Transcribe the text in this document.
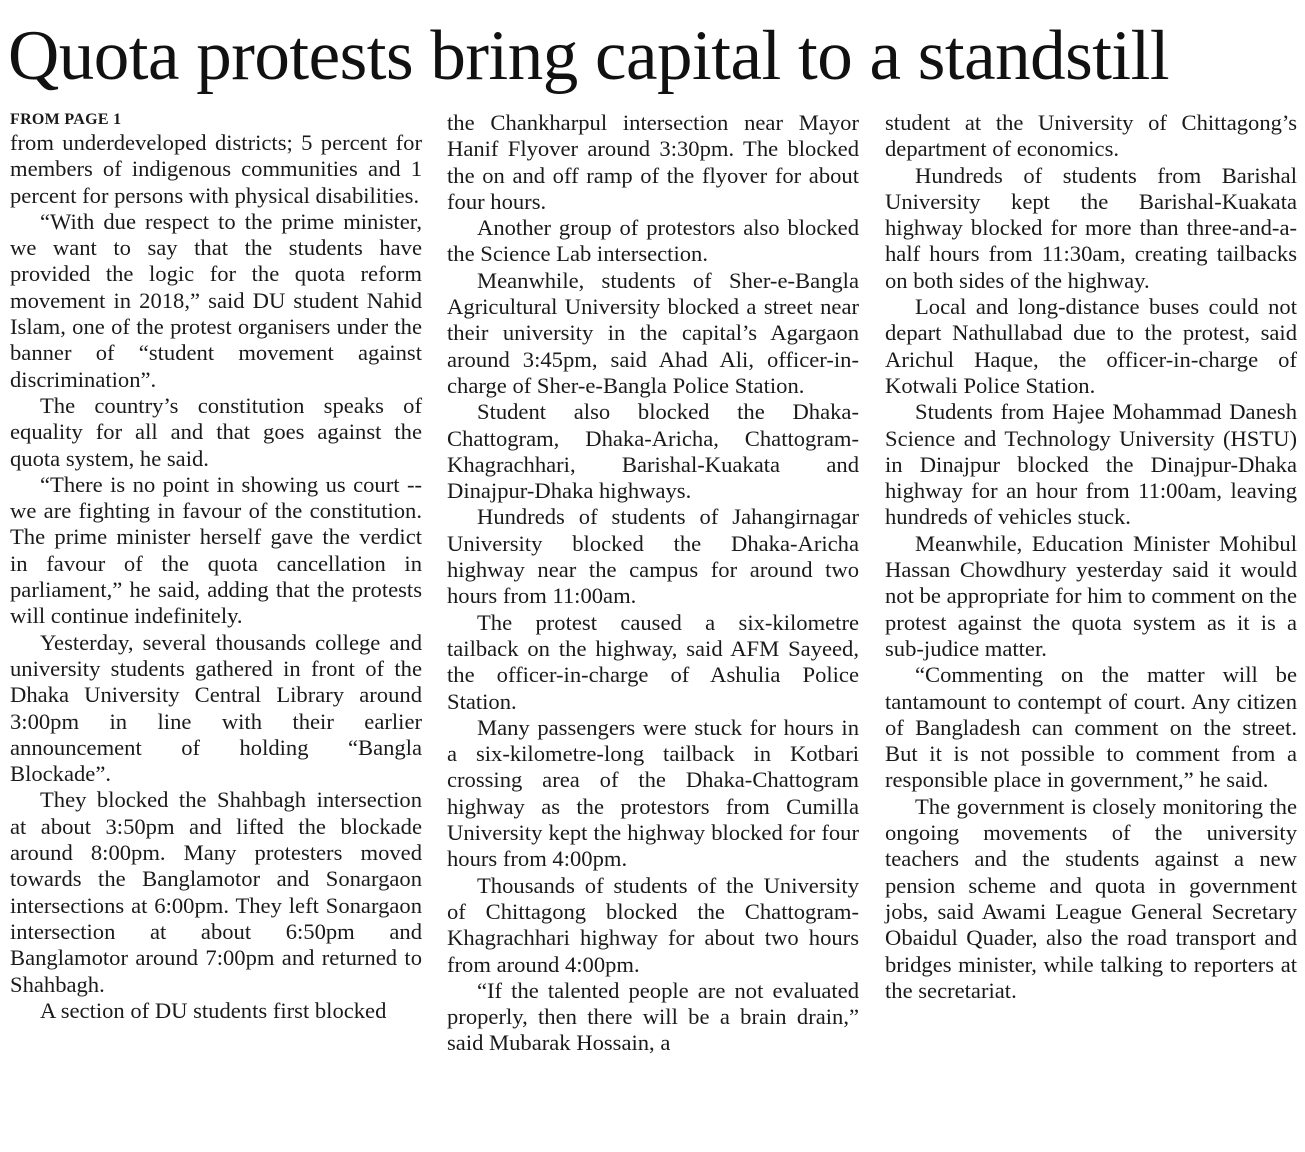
Quota protests bring capital to a standstill
FROM PAGE 1

from underdeveloped districts; 5 percent for members of indigenous communities and 1 percent for persons with physical disabilities.

“With due respect to the prime minister, we want to say that the students have provided the logic for the quota reform movement in 2018,” said DU student Nahid Islam, one of the protest organisers under the banner of “student movement against discrimination”.

The country’s constitution speaks of equality for all and that goes against the quota system, he said.

“There is no point in showing us court -- we are fighting in favour of the constitution. The prime minister herself gave the verdict in favour of the quota cancellation in parliament,” he said, adding that the protests will continue indefinitely.

Yesterday, several thousands college and university students gathered in front of the Dhaka University Central Library around 3:00pm in line with their earlier announcement of holding “Bangla Blockade”.

They blocked the Shahbagh intersection at about 3:50pm and lifted the blockade around 8:00pm. Many protesters moved towards the Banglamotor and Sonargaon intersections at 6:00pm. They left Sonargaon intersection at about 6:50pm and Banglamotor around 7:00pm and returned to Shahbagh.

A section of DU students first blocked

the Chankharpul intersection near Mayor Hanif Flyover around 3:30pm. The blocked the on and off ramp of the flyover for about four hours.

Another group of protestors also blocked the Science Lab intersection.

Meanwhile, students of Sher-e-Bangla Agricultural University blocked a street near their university in the capital’s Agargaon around 3:45pm, said Ahad Ali, officer-in-charge of Sher-e-Bangla Police Station.

Student also blocked the Dhaka-Chattogram, Dhaka-Aricha, Chattogram-Khagrachhari, Barishal-Kuakata and Dinajpur-Dhaka highways.

Hundreds of students of Jahangirnagar University blocked the Dhaka-Aricha highway near the campus for around two hours from 11:00am.

The protest caused a six-kilometre tailback on the highway, said AFM Sayeed, the officer-in-charge of Ashulia Police Station.

Many passengers were stuck for hours in a six-kilometre-long tailback in Kotbari crossing area of the Dhaka-Chattogram highway as the protestors from Cumilla University kept the highway blocked for four hours from 4:00pm.

Thousands of students of the University of Chittagong blocked the Chattogram-Khagrachhari highway for about two hours from around 4:00pm.

“If the talented people are not evaluated properly, then there will be a brain drain,” said Mubarak Hossain, a

student at the University of Chittagong’s department of economics.

Hundreds of students from Barishal University kept the Barishal-Kuakata highway blocked for more than three-and-a-half hours from 11:30am, creating tailbacks on both sides of the highway.

Local and long-distance buses could not depart Nathullabad due to the protest, said Arichul Haque, the officer-in-charge of Kotwali Police Station.

Students from Hajee Mohammad Danesh Science and Technology University (HSTU) in Dinajpur blocked the Dinajpur-Dhaka highway for an hour from 11:00am, leaving hundreds of vehicles stuck.

Meanwhile, Education Minister Mohibul Hassan Chowdhury yesterday said it would not be appropriate for him to comment on the protest against the quota system as it is a sub-judice matter.

“Commenting on the matter will be tantamount to contempt of court. Any citizen of Bangladesh can comment on the street. But it is not possible to comment from a responsible place in government,” he said.

The government is closely monitoring the ongoing movements of the university teachers and the students against a new pension scheme and quota in government jobs, said Awami League General Secretary Obaidul Quader, also the road transport and bridges minister, while talking to reporters at the secretariat.
